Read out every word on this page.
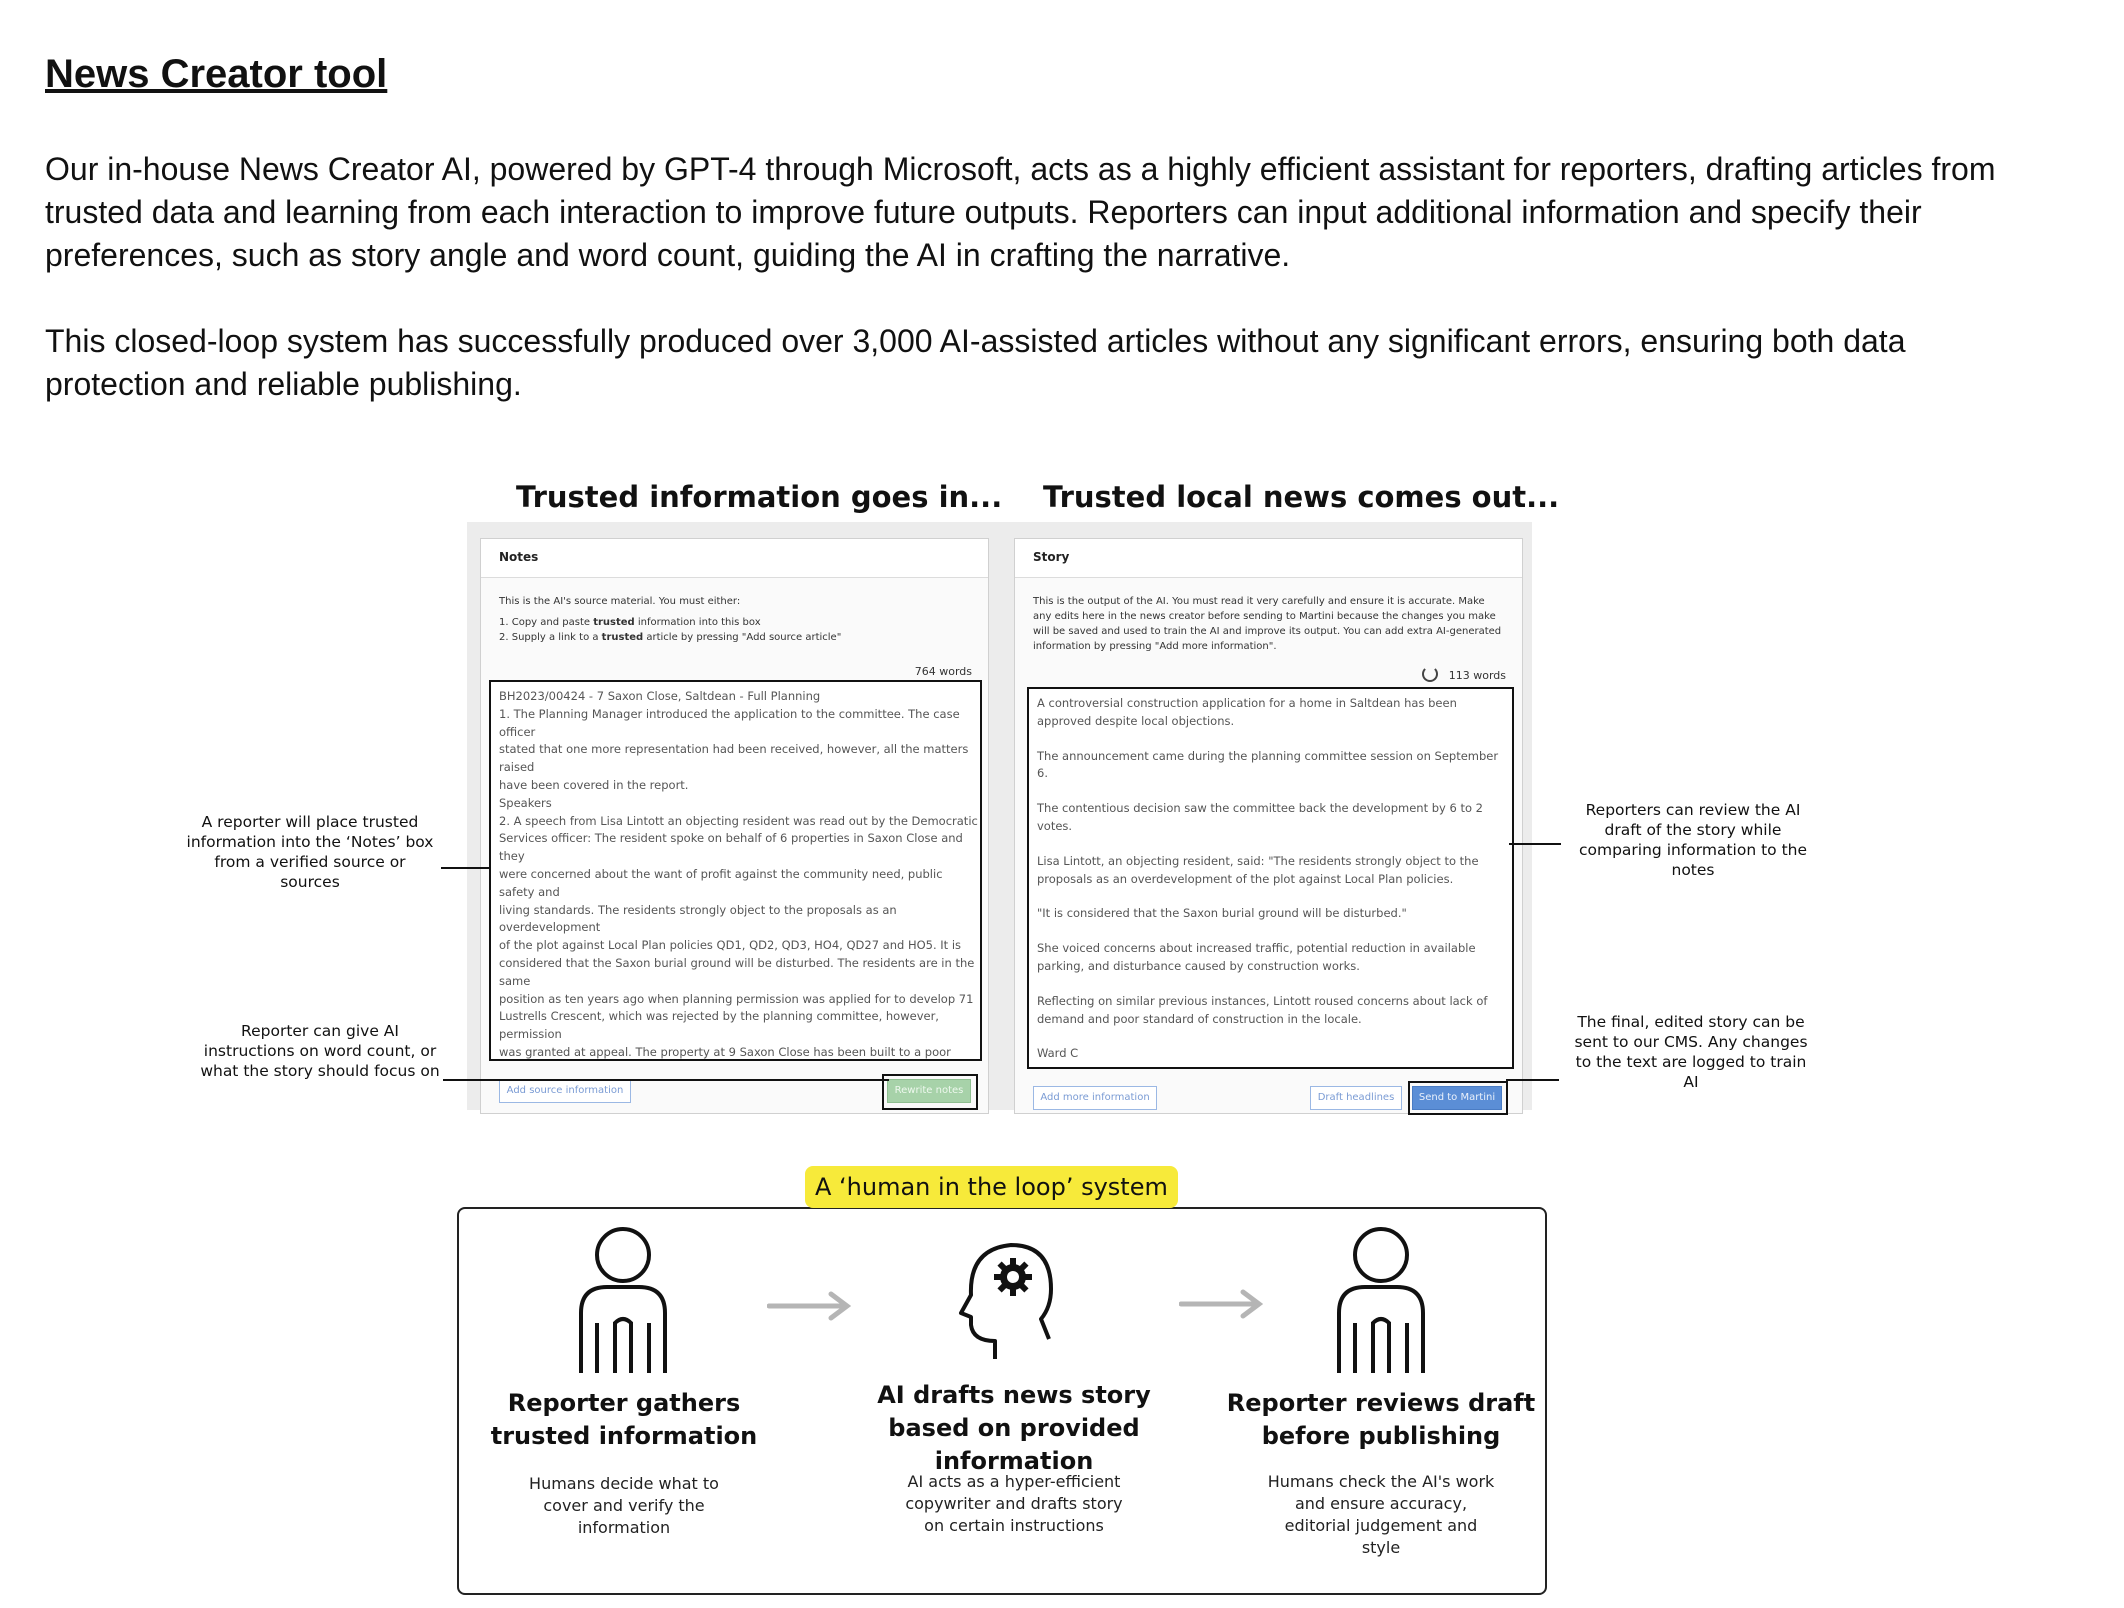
News Creator tool

Our in-house News Creator AI, powered by GPT-4 through Microsoft, acts as a highly efficient assistant for reporters, drafting articles from trusted data and learning from each interaction to improve future outputs. Reporters can input additional information and specify their preferences, such as story angle and word count, guiding the AI in crafting the narrative.

This closed-loop system has successfully produced over 3,000 AI-assisted articles without any significant errors, ensuring both data protection and reliable publishing.

Trusted information goes in... Trusted local news comes out...
Notes

This is the AI's source material. You must either:

1. Copy and paste trusted information into this box
2. Supply a link to a trusted article by pressing "Add source article"
764 words
BH2023/00424 - 7 Saxon Close, Saltdean - Full Planning
1. The Planning Manager introduced the application to the committee. The case
officer
stated that one more representation had been received, however, all the matters
raised
have been covered in the report.
Speakers
2. A speech from Lisa Lintott an objecting resident was read out by the Democratic
Services officer: The resident spoke on behalf of 6 properties in Saxon Close and
they
were concerned about the want of profit against the community need, public
safety and
living standards. The residents strongly object to the proposals as an
overdevelopment
of the plot against Local Plan policies QD1, QD2, QD3, HO4, QD27 and HO5. It is
considered that the Saxon burial ground will be disturbed. The residents are in the
same
position as ten years ago when planning permission was applied for to develop 71
Lustrells Crescent, which was rejected by the planning committee, however,
permission
was granted at appeal. The property at 9 Saxon Close has been built to a poor
Add source information	Rewrite notes
Story
This is the output of the AI. You must read it very carefully and ensure it is accurate. Make any edits here in the news creator before sending to Martini because the changes you make will be saved and used to train the AI and improve its output. You can add extra AI-generated information by pressing "Add more information".
113 words

A controversial construction application for a home in Saltdean has been approved despite local objections.

The announcement came during the planning committee session on September 6.

The contentious decision saw the committee back the development by 6 to 2 votes.

Lisa Lintott, an objecting resident, said: "The residents strongly object to the proposals as an overdevelopment of the plot against Local Plan policies.

"It is considered that the Saxon burial ground will be disturbed."

She voiced concerns about increased traffic, potential reduction in available parking, and disturbance caused by construction works.

Reflecting on similar previous instances, Lintott roused concerns about lack of demand and poor standard of construction in the locale.

Ward C

Add more information	Draft headlines	Send to Martini
A reporter will place trusted information into the ‘Notes’ box from a verified source or sources
Reporter can give AI instructions on word count, or what the story should focus on
Reporters can review the AI draft of the story while comparing information to the notes
The final, edited story can be sent to our CMS. Any changes to the text are logged to train AI
Reporter gathers trusted information
Humans decide what to cover and verify the information
AI drafts news story based on provided information
AI acts as a hyper-efficient copywriter and drafts story on certain instructions
Reporter reviews draft before publishing
Humans check the AI's work and ensure accuracy, editorial judgement and style
A ‘human in the loop’ system
